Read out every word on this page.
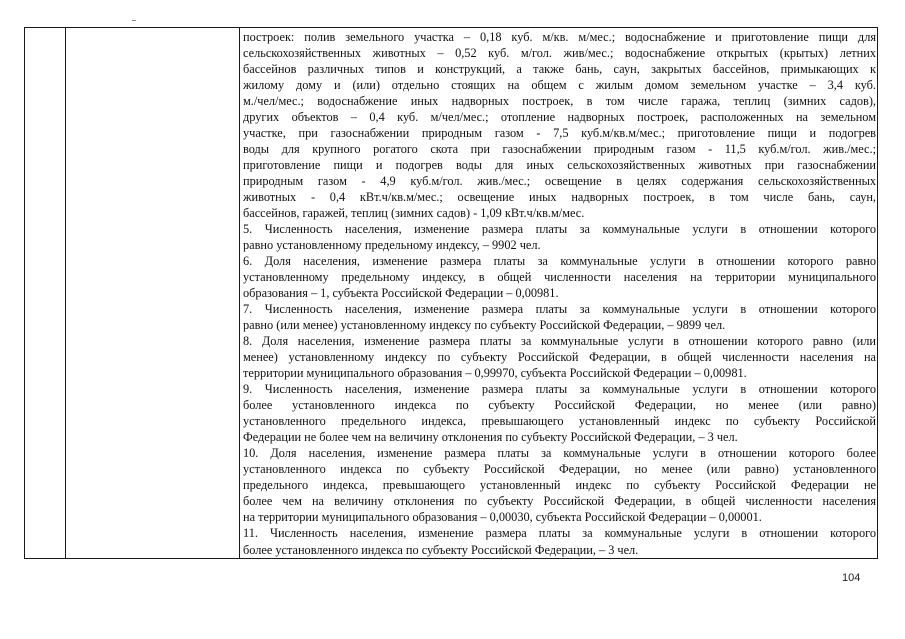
построек: полив земельного участка – 0,18 куб. м/кв. м/мес.; водоснабжение и приготовление пищи для
сельскохозяйственных животных – 0,52 куб. м/гол. жив/мес.; водоснабжение открытых (крытых) летних
бассейнов различных типов и конструкций, а также бань, саун, закрытых бассейнов, примыкающих к
жилому дому и (или) отдельно стоящих на общем с жилым домом земельном участке – 3,4 куб.
м./чел/мес.; водоснабжение иных надворных построек, в том числе гаража, теплиц (зимних садов),
других объектов – 0,4 куб. м/чел/мес.; отопление надворных построек, расположенных на земельном
участке, при газоснабжении природным газом - 7,5 куб.м/кв.м/мес.; приготовление пищи и подогрев
воды для крупного рогатого скота при газоснабжении природным газом - 11,5 куб.м/гол. жив./мес.;
приготовление пищи и подогрев воды для иных сельскохозяйственных животных при газоснабжении
природным газом - 4,9 куб.м/гол. жив./мес.; освещение в целях содержания сельскохозяйственных
животных - 0,4 кВт.ч/кв.м/мес.; освещение иных надворных построек, в том числе бань, саун,
бассейнов, гаражей, теплиц (зимних садов) - 1,09 кВт.ч/кв.м/мес.
5. Численность населения, изменение размера платы за коммунальные услуги в отношении которого
равно установленному предельному индексу, – 9902 чел.
6. Доля населения, изменение размера платы за коммунальные услуги в отношении которого равно
установленному предельному индексу, в общей численности населения на территории муниципального
образования – 1, субъекта Российской Федерации – 0,00981.
7. Численность населения, изменение размера платы за коммунальные услуги в отношении которого
равно (или менее) установленному индексу по субъекту Российской Федерации, – 9899 чел.
8. Доля населения, изменение размера платы за коммунальные услуги в отношении которого равно (или
менее) установленному индексу по субъекту Российской Федерации, в общей численности населения на
территории муниципального образования – 0,99970, субъекта Российской Федерации – 0,00981.
9. Численность населения, изменение размера платы за коммунальные услуги в отношении которого
более установленного индекса по субъекту Российской Федерации, но менее (или равно)
установленного предельного индекса, превышающего установленный индекс по субъекту Российской
Федерации не более чем на величину отклонения по субъекту Российской Федерации, – 3 чел.
10. Доля населения, изменение размера платы за коммунальные услуги в отношении которого более
установленного индекса по субъекту Российской Федерации, но менее (или равно) установленного
предельного индекса, превышающего установленный индекс по субъекту Российской Федерации не
более чем на величину отклонения по субъекту Российской Федерации, в общей численности населения
на территории муниципального образования – 0,00030, субъекта Российской Федерации – 0,00001.
11. Численность населения, изменение размера платы за коммунальные услуги в отношении которого
более установленного индекса по субъекту Российской Федерации, – 3 чел.
104
